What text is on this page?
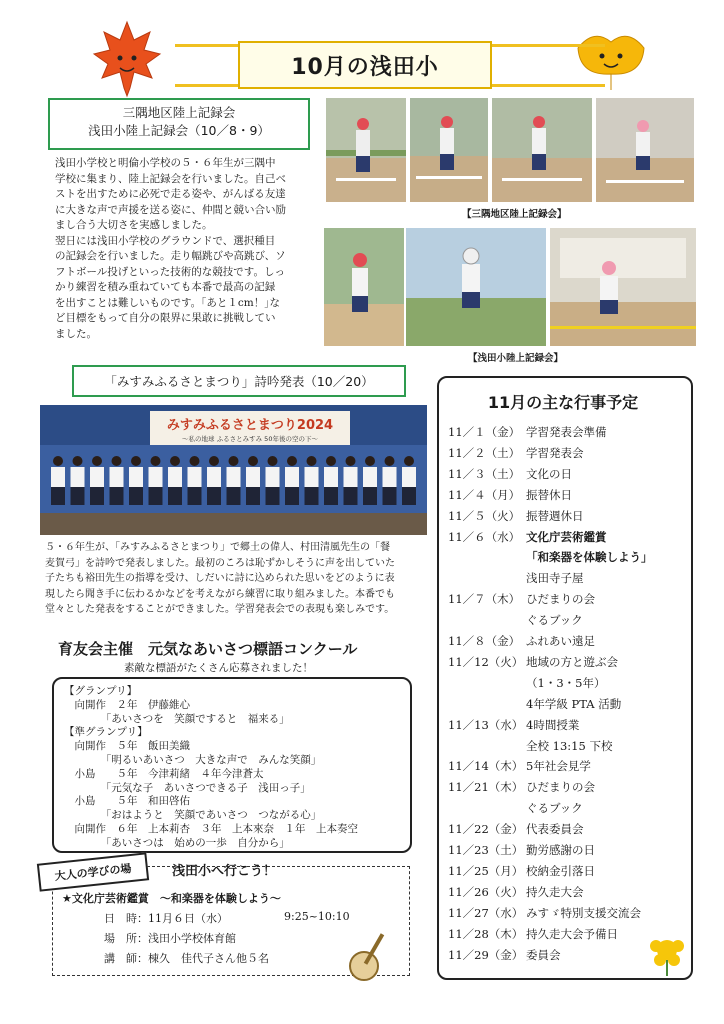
10月の浅田小
三隅地区陸上記録会
浅田小陸上記録会（10／8・9）
浅田小学校と明倫小学校の５・６年生が三隅中
学校に集まり、陸上記録会を行いました。自己ベ
ストを出すために必死で走る姿や、がんばる友達
に大きな声で声援を送る姿に、仲間と競い合い励
まし合う大切さを実感しました。
翌日には浅田小学校のグラウンドで、選択種目
の記録会を行いました。走り幅跳びや高跳び、ソ
フトボール投げといった技術的な競技です。しっ
かり練習を積み重ねていても本番で最高の記録
を出すことは難しいものです。｢あと１cm！｣な
ど目標をもって自分の限界に果敢に挑戦してい
ました。
【三隅地区陸上記録会】
【浅田小陸上記録会】
「みすみふるさとまつり」詩吟発表（10／20）
みすみふるさとまつり2024
～私の地球 ふるさとみすみ 50年後の空の下～
５・６年生が、「みすみふるさとまつり」で郷土の偉人、村田清風先生の「餐
麦賀弓」を詩吟で発表しました。最初のころは恥ずかしそうに声を出していた
子たちも裕田先生の指導を受け、しだいに詩に込められた思いをどのように表
現したら聞き手に伝わるかなどを考えながら練習に取り組みました。本番でも
堂々とした発表をすることができました。学習発表会での表現も楽しみです。
育友会主催　元気なあいさつ標語コンクール
素敵な標語がたくさん応募されました！
【グランプリ】
　向開作　２年　伊藤維心
　　　　「あいさつを　笑顔ですると　福来る」
【準グランプリ】
　向開作　５年　飯田美織
　　　　「明るいあいさつ　大きな声で　みんな笑顔」
　小島　　５年　今津莉緒　４年今津蒼太
　　　　「元気な子　あいさつできる子　浅田っ子」
　小島　　５年　和田啓佑
　　　　「おはようと　笑顔であいさつ　つながる心」
　向開作　６年　上本莉杏　３年　上本來奈　１年　上本奏空
　　　　「あいさつは　始めの一歩　自分から」
大人の学びの場	浅田小へ行こう！
★文化庁芸術鑑賞　～和楽器を体験しよう～
日　時：11月６日（水）	9:25~10:10
場　所：浅田小学校体育館
講　師：棟久　佳代子さん他５名
11月の主な行事予定
11／１（金） 学習発表会準備
11／２（土） 学習発表会
11／３（土） 文化の日
11／４（月） 振替休日
11／５（火） 振替週休日
11／６（水） 文化庁芸術鑑賞
「和楽器を体験しよう」
浅田寺子屋
11／７（木） ひだまりの会
ぐるブック
11／８（金） ふれあい遠足
11／12（火） 地域の方と遊ぶ会
（1・3・5年）
4年学級 PTA 活動
11／13（水） 4時間授業
全校 13:15 下校
11／14（木） 5年社会見学
11／21（木） ひだまりの会
ぐるブック
11／22（金） 代表委員会
11／23（土） 勤労感謝の日
11／25（月） 校納金引落日
11／26（火） 持久走大会
11／27（水） みすゞ特別支援交流会
11／28（木） 持久走大会予備日
11／29（金） 委員会
